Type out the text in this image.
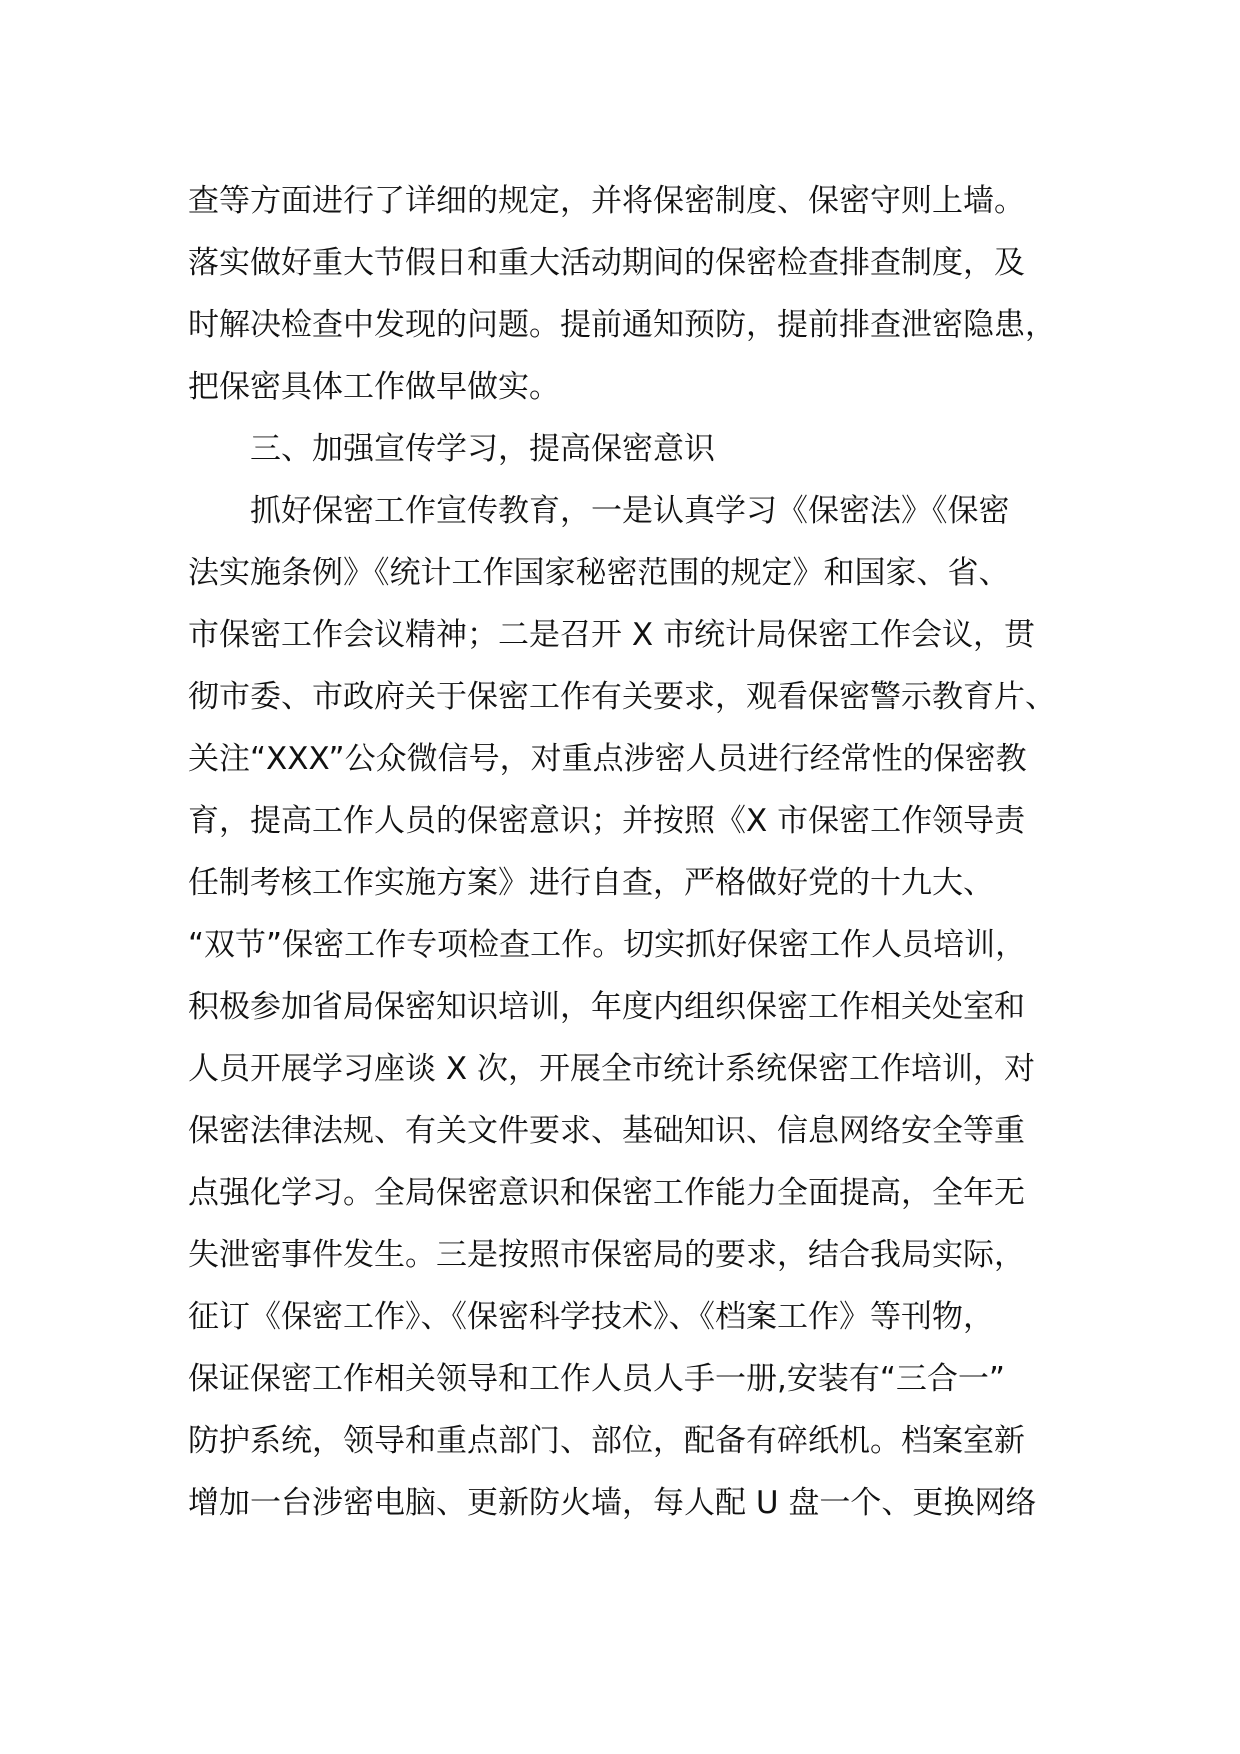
查等方面进行了详细的规定，并将保密制度、保密守则上墙。
落实做好重大节假日和重大活动期间的保密检查排查制度，及
时解决检查中发现的问题。提前通知预防，提前排查泄密隐患，
把保密具体工作做早做实。
三、加强宣传学习，提高保密意识
抓好保密工作宣传教育，一是认真学习《保密法》《保密
法实施条例》《统计工作国家秘密范围的规定》和国家、省、
市保密工作会议精神；二是召开 X 市统计局保密工作会议，贯
彻市委、市政府关于保密工作有关要求，观看保密警示教育片、
关注“XXX”公众微信号，对重点涉密人员进行经常性的保密教
育，提高工作人员的保密意识；并按照《X 市保密工作领导责
任制考核工作实施方案》进行自查，严格做好党的十九大、
“双节”保密工作专项检查工作。切实抓好保密工作人员培训，
积极参加省局保密知识培训，年度内组织保密工作相关处室和
人员开展学习座谈 X 次，开展全市统计系统保密工作培训，对
保密法律法规、有关文件要求、基础知识、信息网络安全等重
点强化学习。全局保密意识和保密工作能力全面提高，全年无
失泄密事件发生。三是按照市保密局的要求，结合我局实际，
征订《保密工作》、《保密科学技术》、《档案工作》等刊物，
保证保密工作相关领导和工作人员人手一册,安装有“三合一”
防护系统，领导和重点部门、部位，配备有碎纸机。档案室新
增加一台涉密电脑、更新防火墙，每人配 U 盘一个、更换网络
